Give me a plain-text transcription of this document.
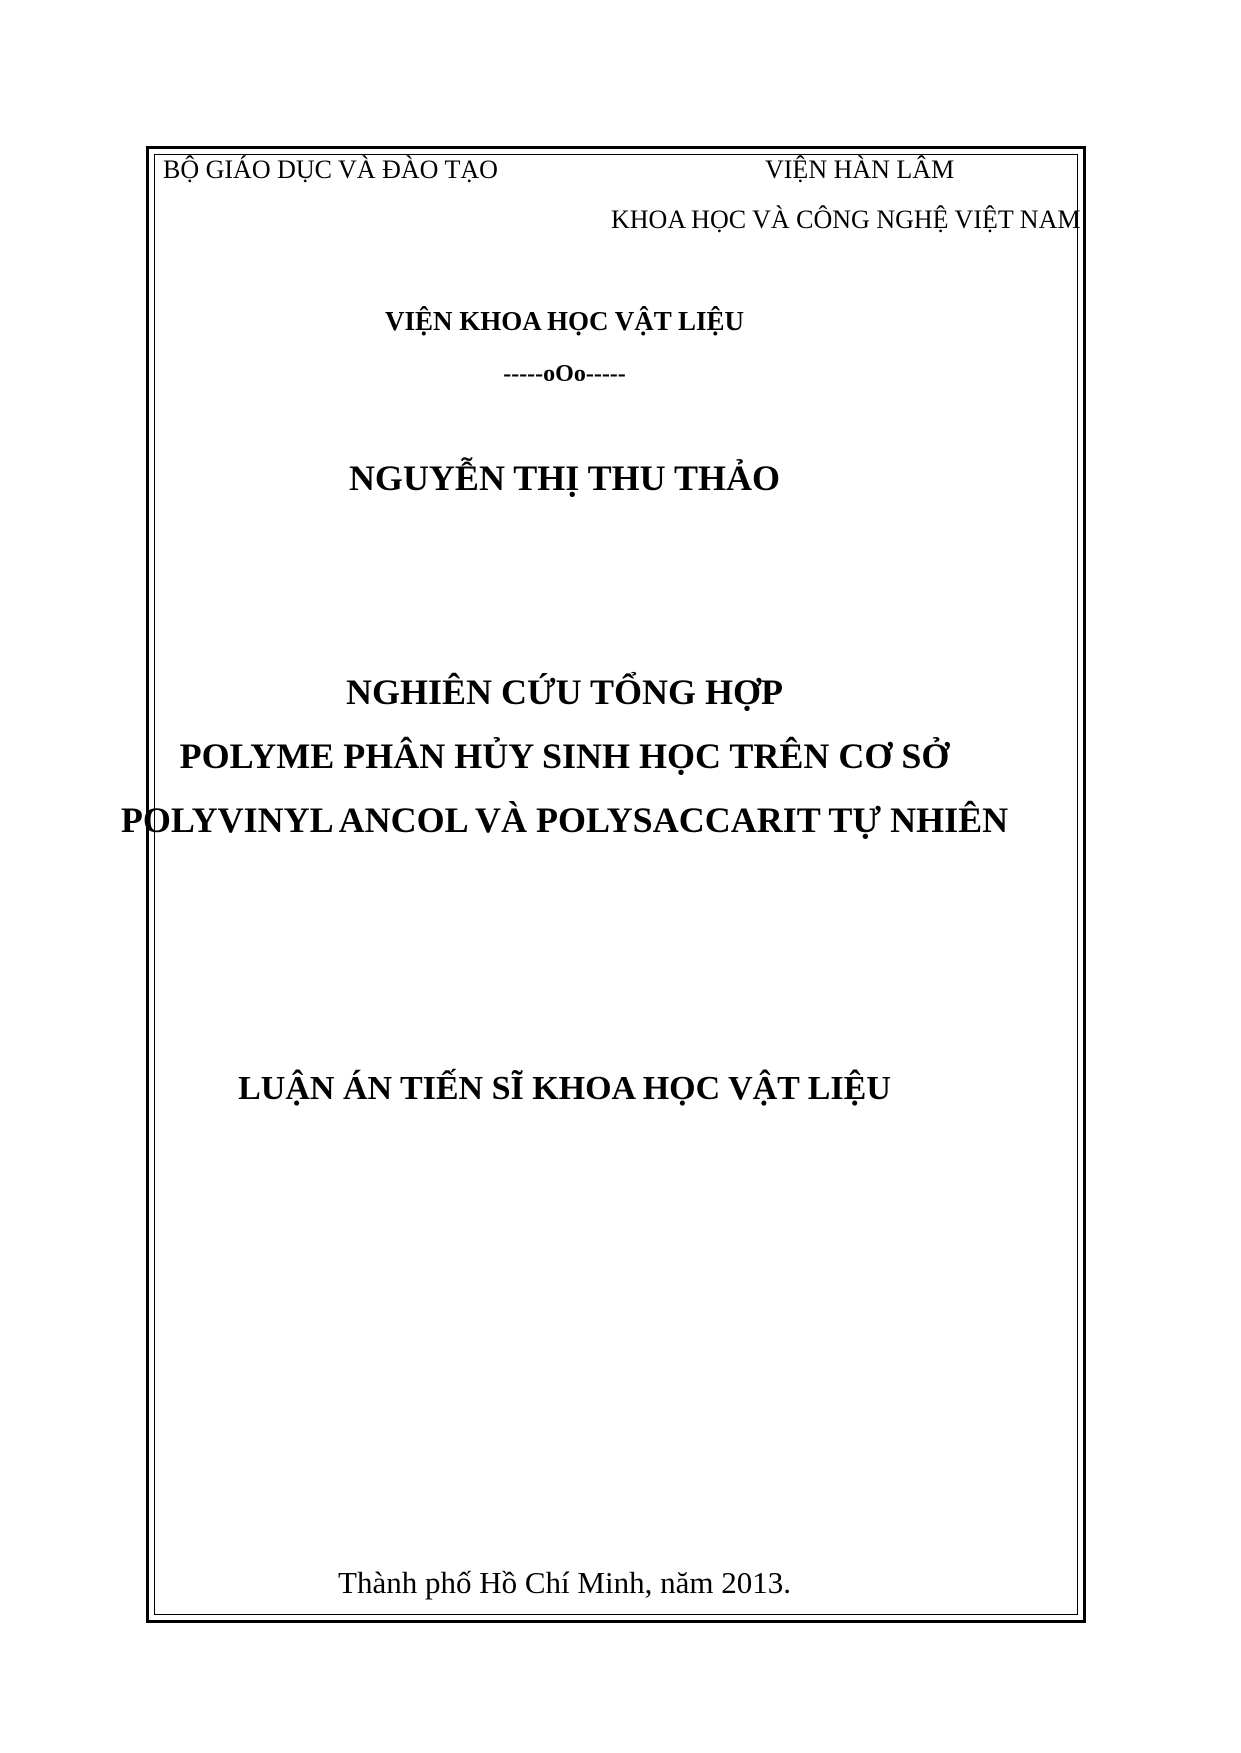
BỘ GIÁO DỤC VÀ ĐÀO TẠO	VIỆN HÀN LÂM
KHOA HỌC VÀ CÔNG NGHỆ VIỆT NAM
VIỆN KHOA HỌC VẬT LIỆU
-----oOo-----
NGUYỄN THỊ THU THẢO
NGHIÊN CỨU TỔNG HỢP
POLYME PHÂN HỦY SINH HỌC TRÊN CƠ SỞ
POLYVINYL ANCOL VÀ POLYSACCARIT TỰ NHIÊN
LUẬN ÁN TIẾN SĨ KHOA HỌC VẬT LIỆU
Thành phố Hồ Chí Minh, năm 2013.
